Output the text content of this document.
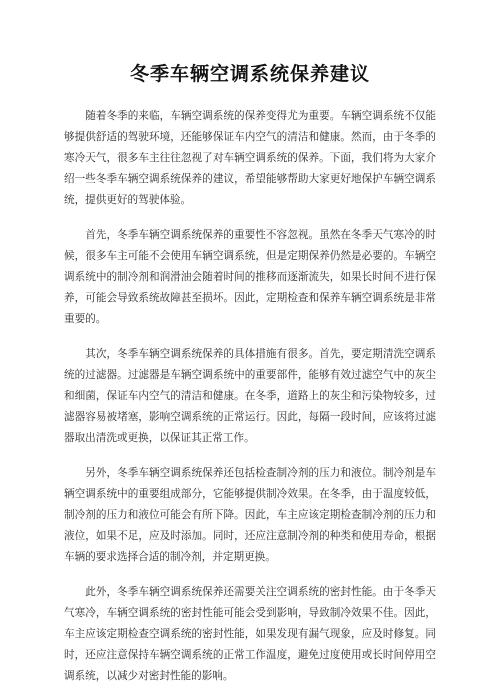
冬季车辆空调系统保养建议

随着冬季的来临，车辆空调系统的保养变得尤为重要。车辆空调系统不仅能够提供舒适的驾驶环境，还能够保证车内空气的清洁和健康。然而，由于冬季的寒冷天气，很多车主往往忽视了对车辆空调系统的保养。下面，我们将为大家介绍一些冬季车辆空调系统保养的建议，希望能够帮助大家更好地保护车辆空调系统，提供更好的驾驶体验。

首先，冬季车辆空调系统保养的重要性不容忽视。虽然在冬季天气寒冷的时候，很多车主可能不会使用车辆空调系统，但是定期保养仍然是必要的。车辆空调系统中的制冷剂和润滑油会随着时间的推移而逐渐流失，如果长时间不进行保养，可能会导致系统故障甚至损坏。因此，定期检查和保养车辆空调系统是非常重要的。

其次，冬季车辆空调系统保养的具体措施有很多。首先，要定期清洗空调系统的过滤器。过滤器是车辆空调系统中的重要部件，能够有效过滤空气中的灰尘和细菌，保证车内空气的清洁和健康。在冬季，道路上的灰尘和污染物较多，过滤器容易被堵塞，影响空调系统的正常运行。因此，每隔一段时间，应该将过滤器取出清洗或更换，以保证其正常工作。

另外，冬季车辆空调系统保养还包括检查制冷剂的压力和液位。制冷剂是车辆空调系统中的重要组成部分，它能够提供制冷效果。在冬季，由于温度较低，制冷剂的压力和液位可能会有所下降。因此，车主应该定期检查制冷剂的压力和液位，如果不足，应及时添加。同时，还应注意制冷剂的种类和使用寿命，根据车辆的要求选择合适的制冷剂，并定期更换。

此外，冬季车辆空调系统保养还需要关注空调系统的密封性能。由于冬季天气寒冷，车辆空调系统的密封性能可能会受到影响，导致制冷效果不佳。因此，车主应该定期检查空调系统的密封性能，如果发现有漏气现象，应及时修复。同时，还应注意保持车辆空调系统的正常工作温度，避免过度使用或长时间停用空调系统，以减少对密封性能的影响。
